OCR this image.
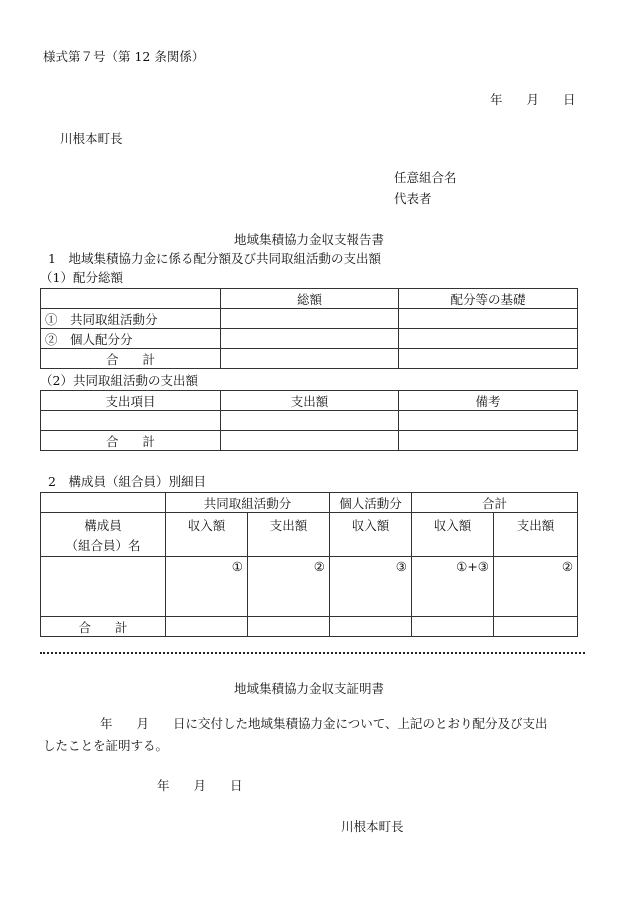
様式第７号（第 12 条関係）
年 月 日
川根本町長
任意組合名
代表者
地域集積協力金収支報告書
1　地域集積協力金に係る配分額及び共同取組活動の支出額
（1）配分総額
	総額	配分等の基礎
①　共同取組活動分		
②　個人配分分		
合 計		
（2）共同取組活動の支出額
支出項目	支出額	備考

合 計		
2　構成員（組合員）別細目
	共同取組活動分		個人活動分	合計	

構成員
（組合員）名	収入額	支出額	収入額	収入額	支出額
	①	②	③	①+③	②
合 計					
地域集積協力金収支証明書
年 月 日に交付した地域集積協力金について、上記のとおり配分及び支出
したことを証明する。
年 月 日
川根本町長
